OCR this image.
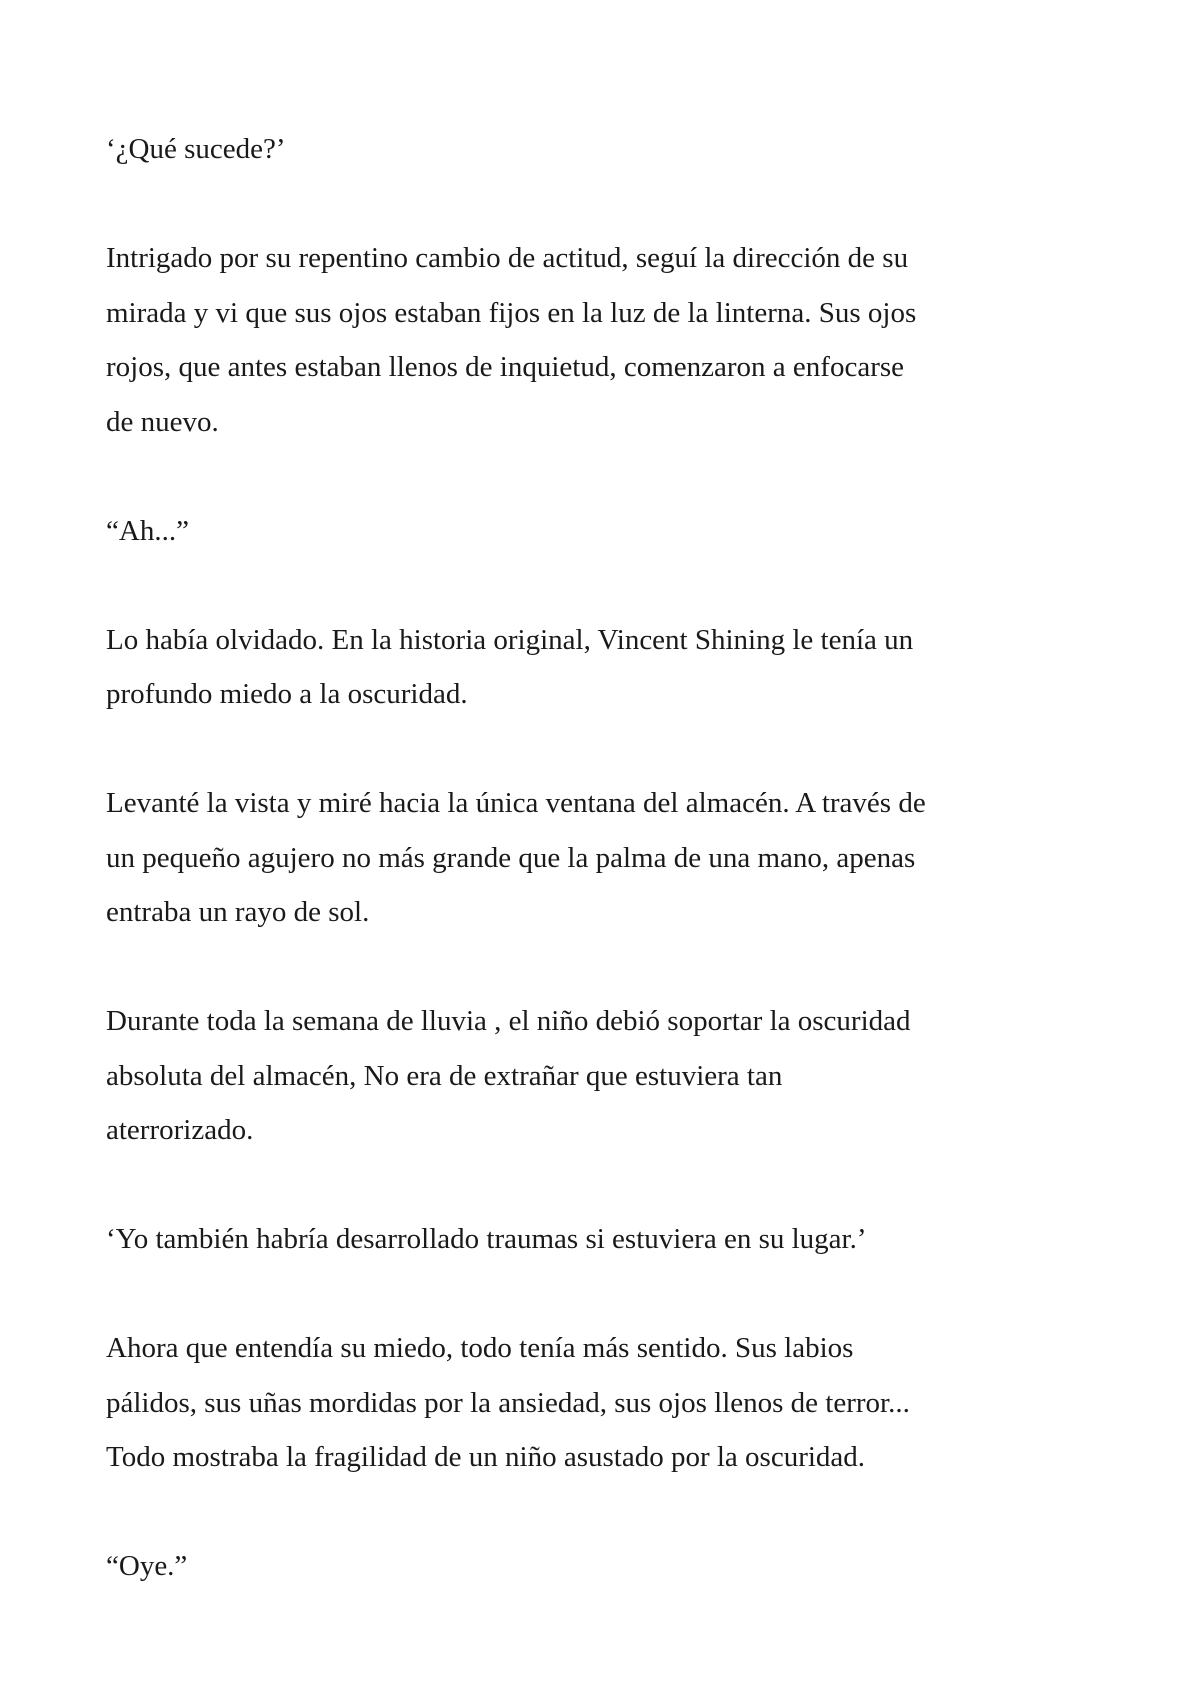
‘¿Qué sucede?’

Intrigado por su repentino cambio de actitud, seguí la dirección de su
mirada y vi que sus ojos estaban fijos en la luz de la linterna. Sus ojos
rojos, que antes estaban llenos de inquietud, comenzaron a enfocarse
de nuevo.

“Ah...”

Lo había olvidado. En la historia original, Vincent Shining le tenía un
profundo miedo a la oscuridad.

Levanté la vista y miré hacia la única ventana del almacén. A través de
un pequeño agujero no más grande que la palma de una mano, apenas
entraba un rayo de sol.

Durante toda la semana de lluvia , el niño debió soportar la oscuridad
absoluta del almacén, No era de extrañar que estuviera tan
aterrorizado.

‘Yo también habría desarrollado traumas si estuviera en su lugar.’

Ahora que entendía su miedo, todo tenía más sentido. Sus labios
pálidos, sus uñas mordidas por la ansiedad, sus ojos llenos de terror...
Todo mostraba la fragilidad de un niño asustado por la oscuridad.

“Oye.”
